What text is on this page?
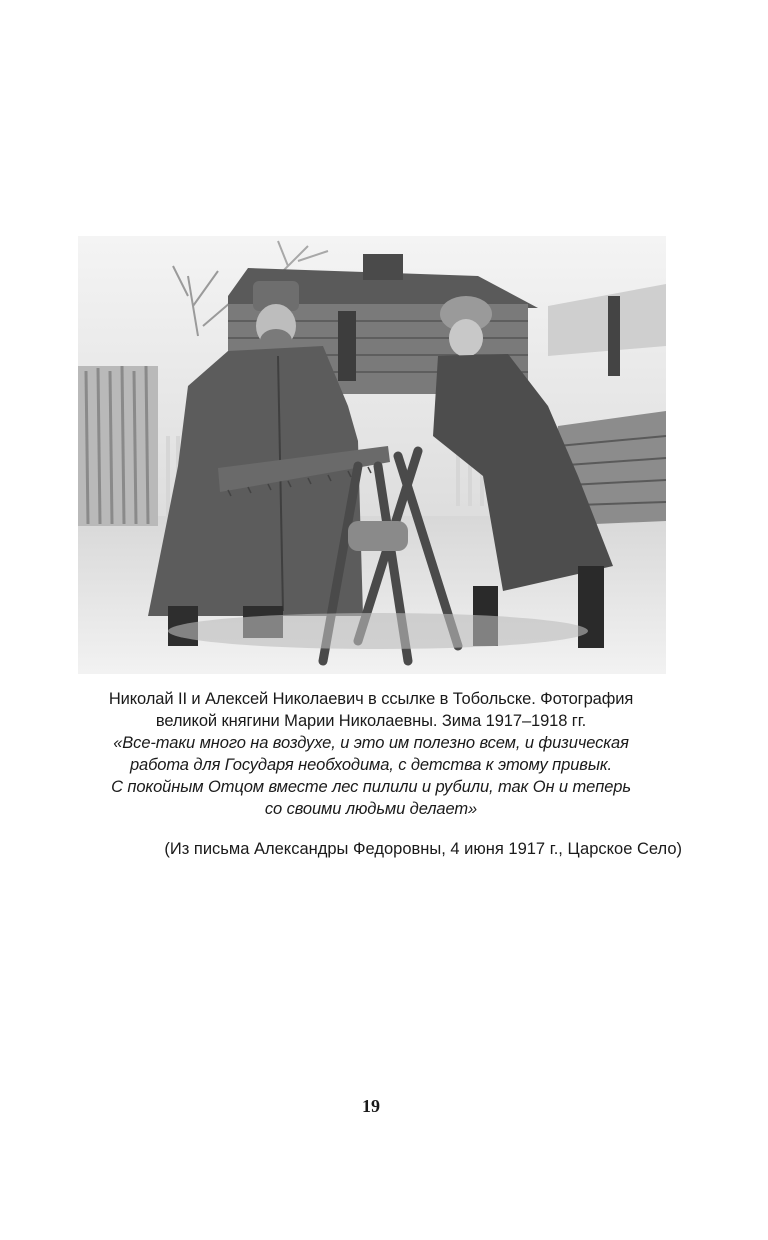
Николай II и Алексей Николаевич в ссылке в Тобольске. Фотография
великой княгини Марии Николаевны. Зима 1917–1918 гг.
«Все-таки много на воздухе, и это им полезно всем, и физическая
работа для Государя необходима, с детства к этому привык.
С покойным Отцом вместе лес пилили и рубили, так Он и теперь
со своими людьми делает»
(Из письма Александры Федоровны, 4 июня 1917 г., Царское Село)
19
